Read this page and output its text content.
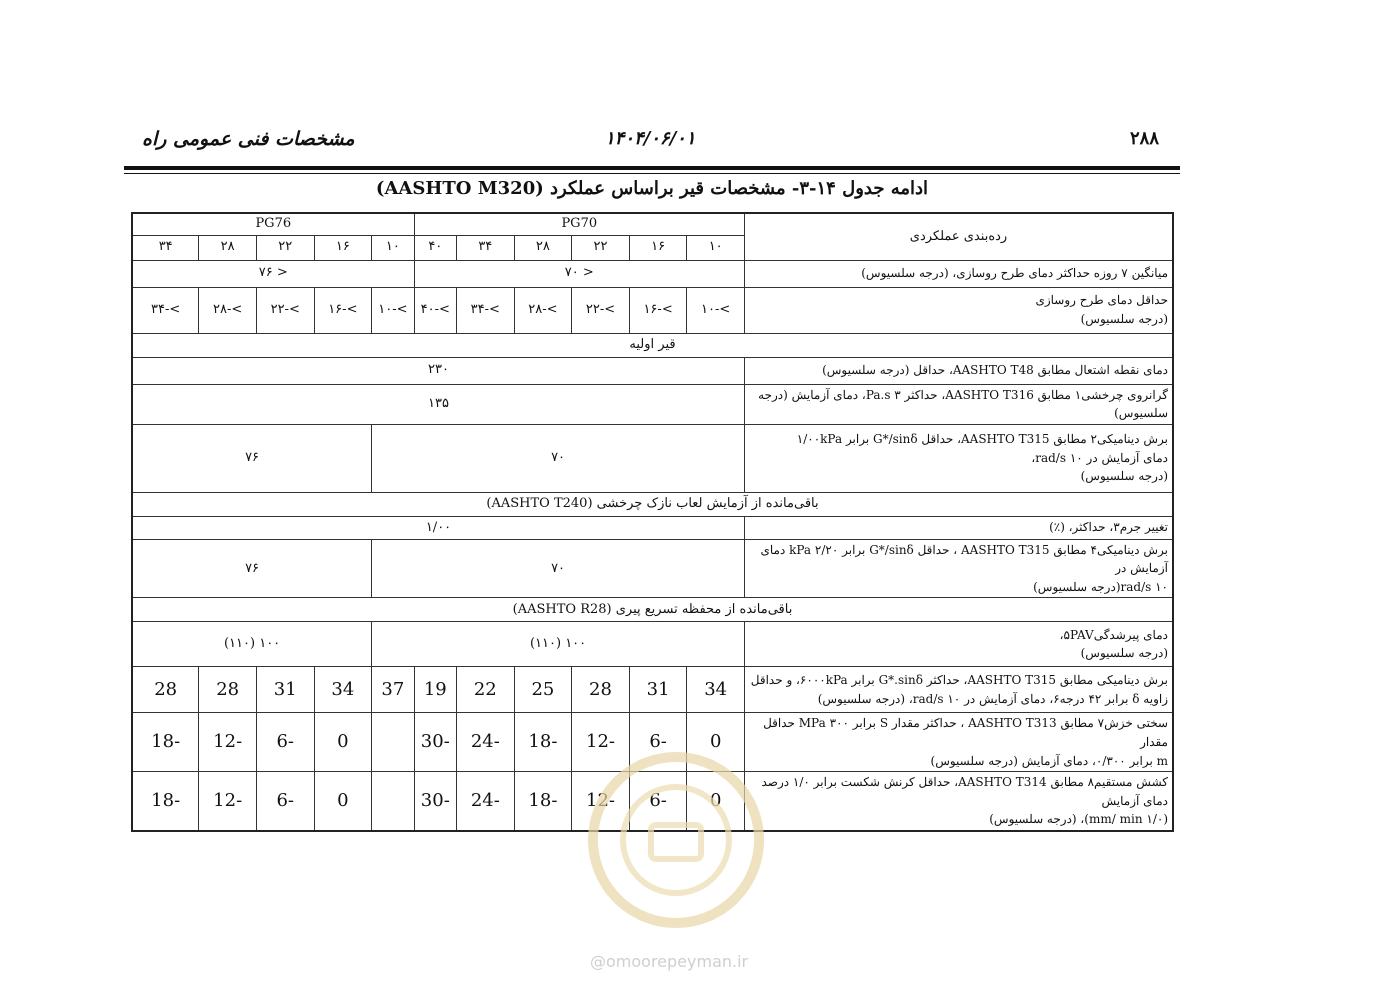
مشخصات فنی عمومی راه	۱۴۰۴/۰۶/۰۱	۲۸۸
ادامه جدول ۱۴-۳- مشخصات قیر براساس عملکرد (AASHTO M320)
رده‌بندی عملکردی	PG70						PG76				
	۱۰	۱۶	۲۲	۲۸	۳۴	۴۰	۱۰	۱۶	۲۲	۲۸	۳۴
میانگین ۷ روزه حداکثر دمای طرح روسازی، (درجه سلسیوس)	< ۷۰						< ۷۶				

حداقل دمای طرح روسازی
(درجه سلسیوس)	>-۱۰	>-۱۶	>-۲۲	>-۲۸	>-۳۴	>-۴۰	>-۱۰	>-۱۶	>-۲۲	>-۲۸	>-۳۴
قیر اولیه											
دمای نقطه اشتعال مطابق AASHTO T48، حداقل (درجه سلسیوس)	۲۳۰										
گرانروی چرخشی۱ مطابق AASHTO T316، حداکثر Pa.s ۳، دمای آزمایش (درجه سلسیوس)	۱۳۵										

برش دینامیکی۲ مطابق AASHTO T315، حداقل G*/sinδ برابر ۱/۰۰kPa
دمای آزمایش در ۱۰ rad/s،
(درجه سلسیوس)	۷۰							۷۶			
باقی‌مانده از آزمایش لعاب نازک چرخشی (AASHTO T240)											
تغییر جرم۳، حداکثر، (٪)	۱/۰۰										

برش دینامیکی۴ مطابق AASHTO T315 ، حداقل G*/sinδ برابر ۲/۲۰ kPa دمای آزمایش در
۱۰ rad/s(درجه سلسیوس)	۷۰							۷۶			
باقی‌مانده از محفظه تسریع پیری (AASHTO R28)											

دمای پیرشدگی۵PAV،
(درجه سلسیوس)	۱۰۰ (۱۱۰)							۱۰۰ (۱۱۰)			

برش دینامیکی مطابق AASHTO T315، حداکثر G*.sinδ برابر ۶۰۰۰kPa، و حداقل
زاویه δ برابر ۴۲ درجه۶، دمای آزمایش در ۱۰ rad/s، (درجه سلسیوس)	34	31	28	25	22	19	37	34	31	28	28

سختی خزش۷ مطابق AASHTO T313 ، حداکثر مقدار S برابر ۳۰۰ MPa حداقل مقدار
m برابر ۰/۳۰۰، دمای آزمایش (درجه سلسیوس)	0	-6	-12	-18	-24	-30		0	-6	-12	-18

کشش مستقیم۸ مطابق AASHTO T314، حداقل کرنش شکست برابر ۱/۰ درصد دمای آزمایش
(۱/۰ mm/ min)، (درجه سلسیوس)	0	-6	-12	-18	-24	-30		0	-6	-12	-18
@omoorepeyman.ir
